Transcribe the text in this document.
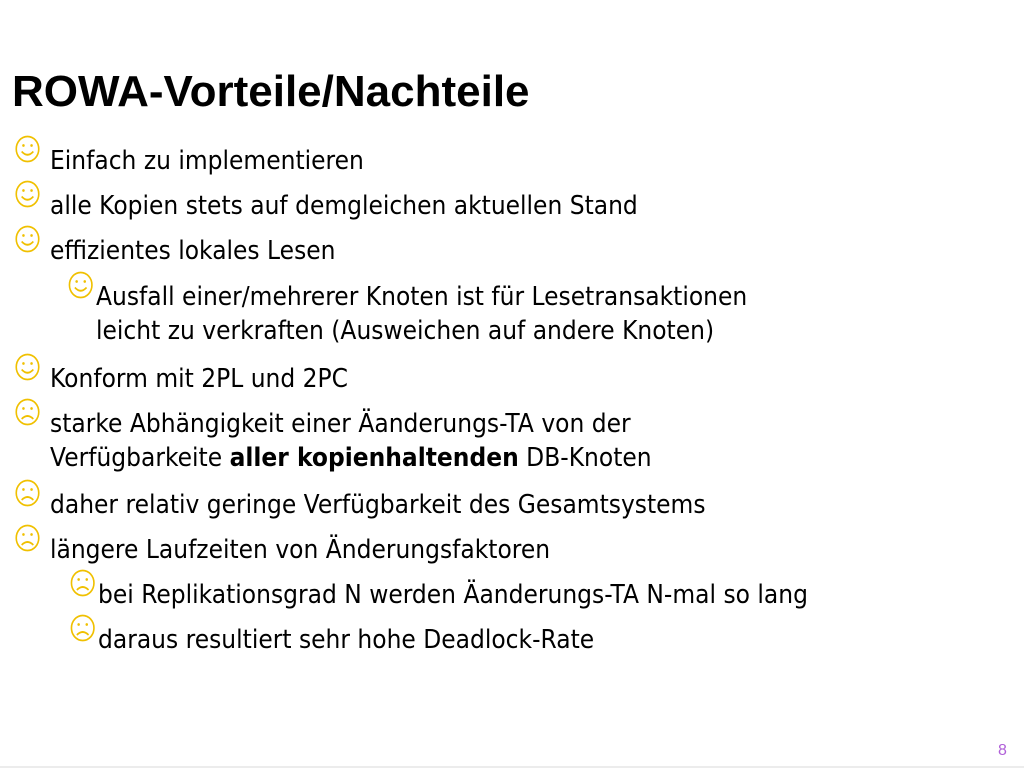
ROWA-Vorteile/Nachteile
Einfach zu implementieren
alle Kopien stets auf demgleichen aktuellen Stand
effizientes lokales Lesen
Ausfall einer/mehrerer Knoten ist für Lesetransaktionen
leicht zu verkraften (Ausweichen auf andere Knoten)
Konform mit 2PL und 2PC
starke Abhängigkeit einer Äanderungs-TA von der
Verfügbarkeite aller kopienhaltenden DB-Knoten
daher relativ geringe Verfügbarkeit des Gesamtsystems
längere Laufzeiten von Änderungsfaktoren
bei Replikationsgrad N werden Äanderungs-TA N-mal so lang
daraus resultiert sehr hohe Deadlock-Rate
8
